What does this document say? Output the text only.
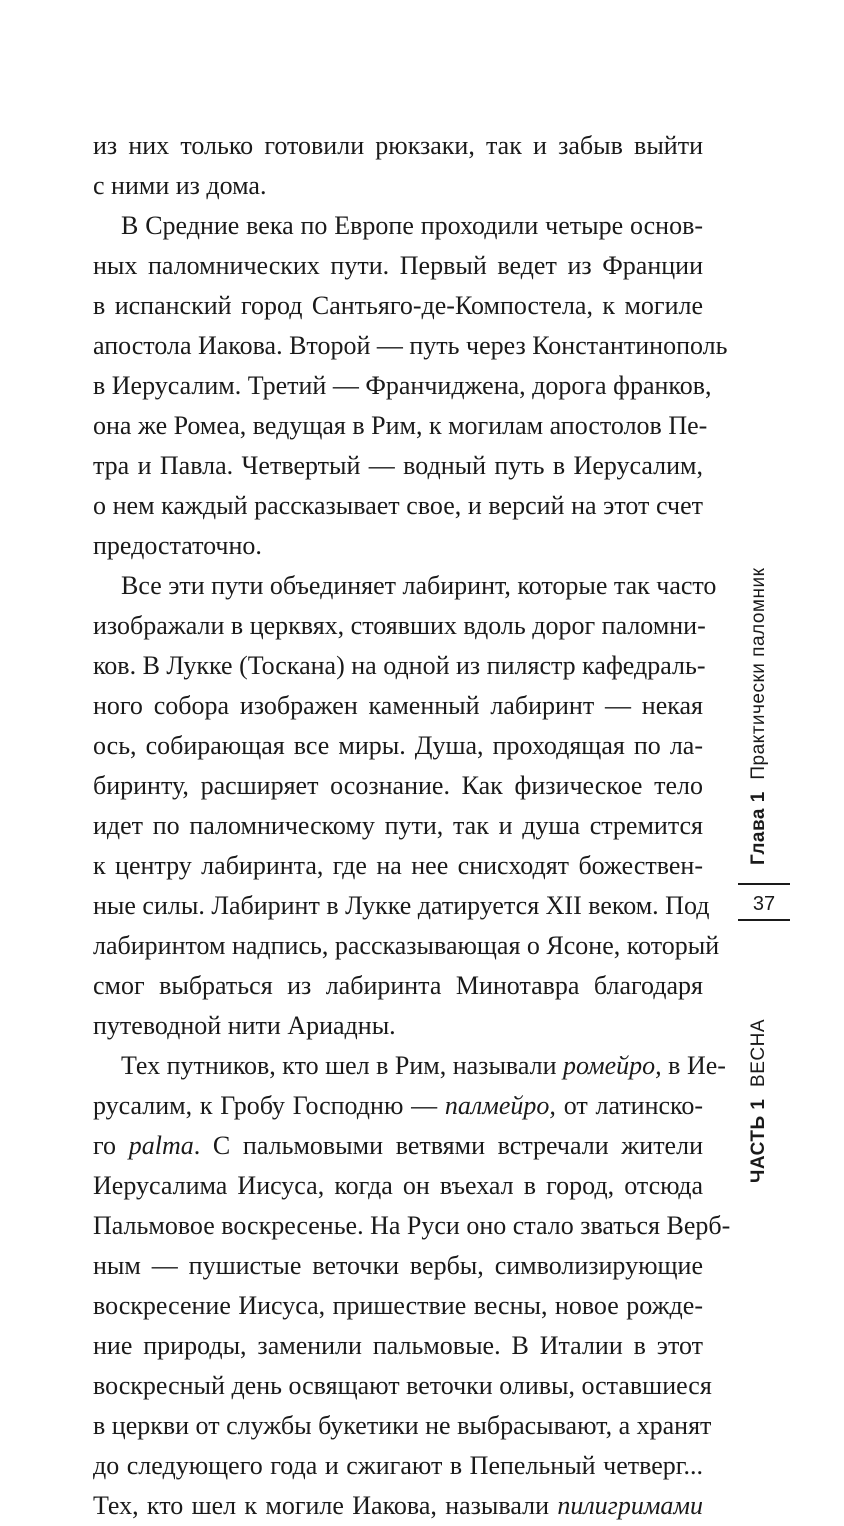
из них только готовили рюкзаки, так и забыв выйти
с ними из дома.
В Средние века по Европе проходили четыре основ-
ных паломнических пути. Первый ведет из Франции
в испанский город Сантьяго-де-Компостела, к могиле
апостола Иакова. Второй — путь через Константинополь
в Иерусалим. Третий — Франчиджена, дорога франков,
она же Ромеа, ведущая в Рим, к могилам апостолов Пе-
тра и Павла. Четвертый — водный путь в Иерусалим,
о нем каждый рассказывает свое, и версий на этот счет
предостаточно.
Все эти пути объединяет лабиринт, которые так часто
изображали в церквях, стоявших вдоль дорог паломни-
ков. В Лукке (Тоскана) на одной из пилястр кафедраль-
ного собора изображен каменный лабиринт — некая
ось, собирающая все миры. Душа, проходящая по ла-
биринту, расширяет осознание. Как физическое тело
идет по паломническому пути, так и душа стремится
к центру лабиринта, где на нее снисходят божествен-
ные силы. Лабиринт в Лукке датируется XII веком. Под
лабиринтом надпись, рассказывающая о Ясоне, который
смог выбраться из лабиринта Минотавра благодаря
путеводной нити Ариадны.
Тех путников, кто шел в Рим, называли ромейро, в Ие-
русалим, к Гробу Господню — палмейро, от латинско-
го palma. С пальмовыми ветвями встречали жители
Иерусалима Иисуса, когда он въехал в город, отсюда
Пальмовое воскресенье. На Руси оно стало зваться Верб-
ным — пушистые веточки вербы, символизирующие
воскресение Иисуса, пришествие весны, новое рожде-
ние природы, заменили пальмовые. В Италии в этот
воскресный день освящают веточки оливы, оставшиеся
в церкви от службы букетики не выбрасывают, а хранят
до следующего года и сжигают в Пепельный четверг...
Тех, кто шел к могиле Иакова, называли пилигримами
Глава 1  Практически паломник
37
ЧАСТЬ 1  ВЕСНА
